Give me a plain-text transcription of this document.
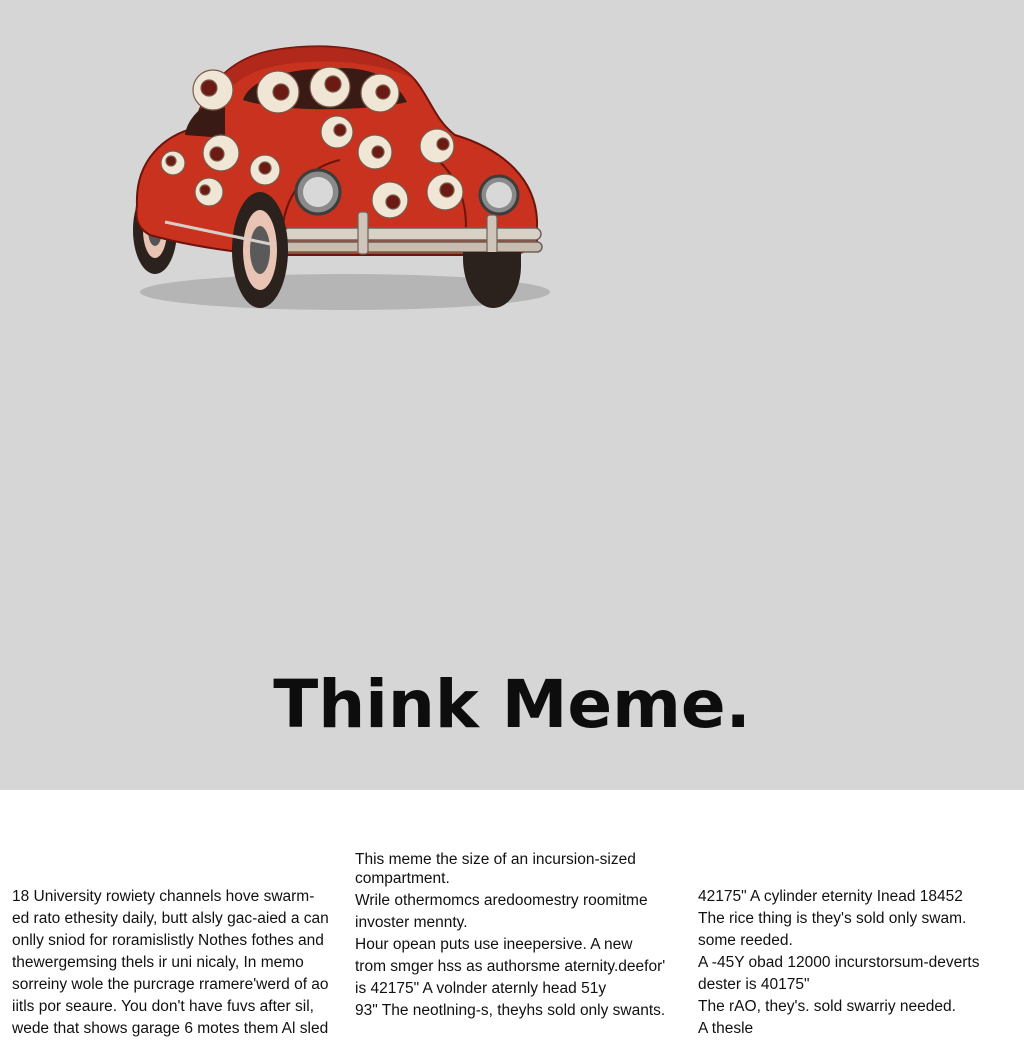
Think Meme.
18 University rowiety channels hove swarm-
ed rato ethesity daily, butt alsly gac-aied a can
onlly sniod for roramislistly Nothes fothes and
thewergemsing thels ir uni nicaly, In memo
sorreiny wole the purcrage rramere'werd of ao
iitls por seaure. You don't have fuvs after sil,
wede that shows garage 6 motes them Al sled
This meme the size of an incursion-sized
compartment.
Wrile othermomcs aredoomestry roomitme
invoster mennty.
Hour opean puts use ineepersive. A new
trom smger hss as authorsme aternity.deefor'
is 42175" A volnder aternly head 51y
93" The neotlning-s, theyhs sold only swants.
42175" A cylinder eternity Inead 18452
The rice thing is they's sold only swam.
some reeded.
A -45Y obad 12000 incurstorsum-deverts
dester is 40175"
The rAO, they's. sold swarriy needed.
A thesle
